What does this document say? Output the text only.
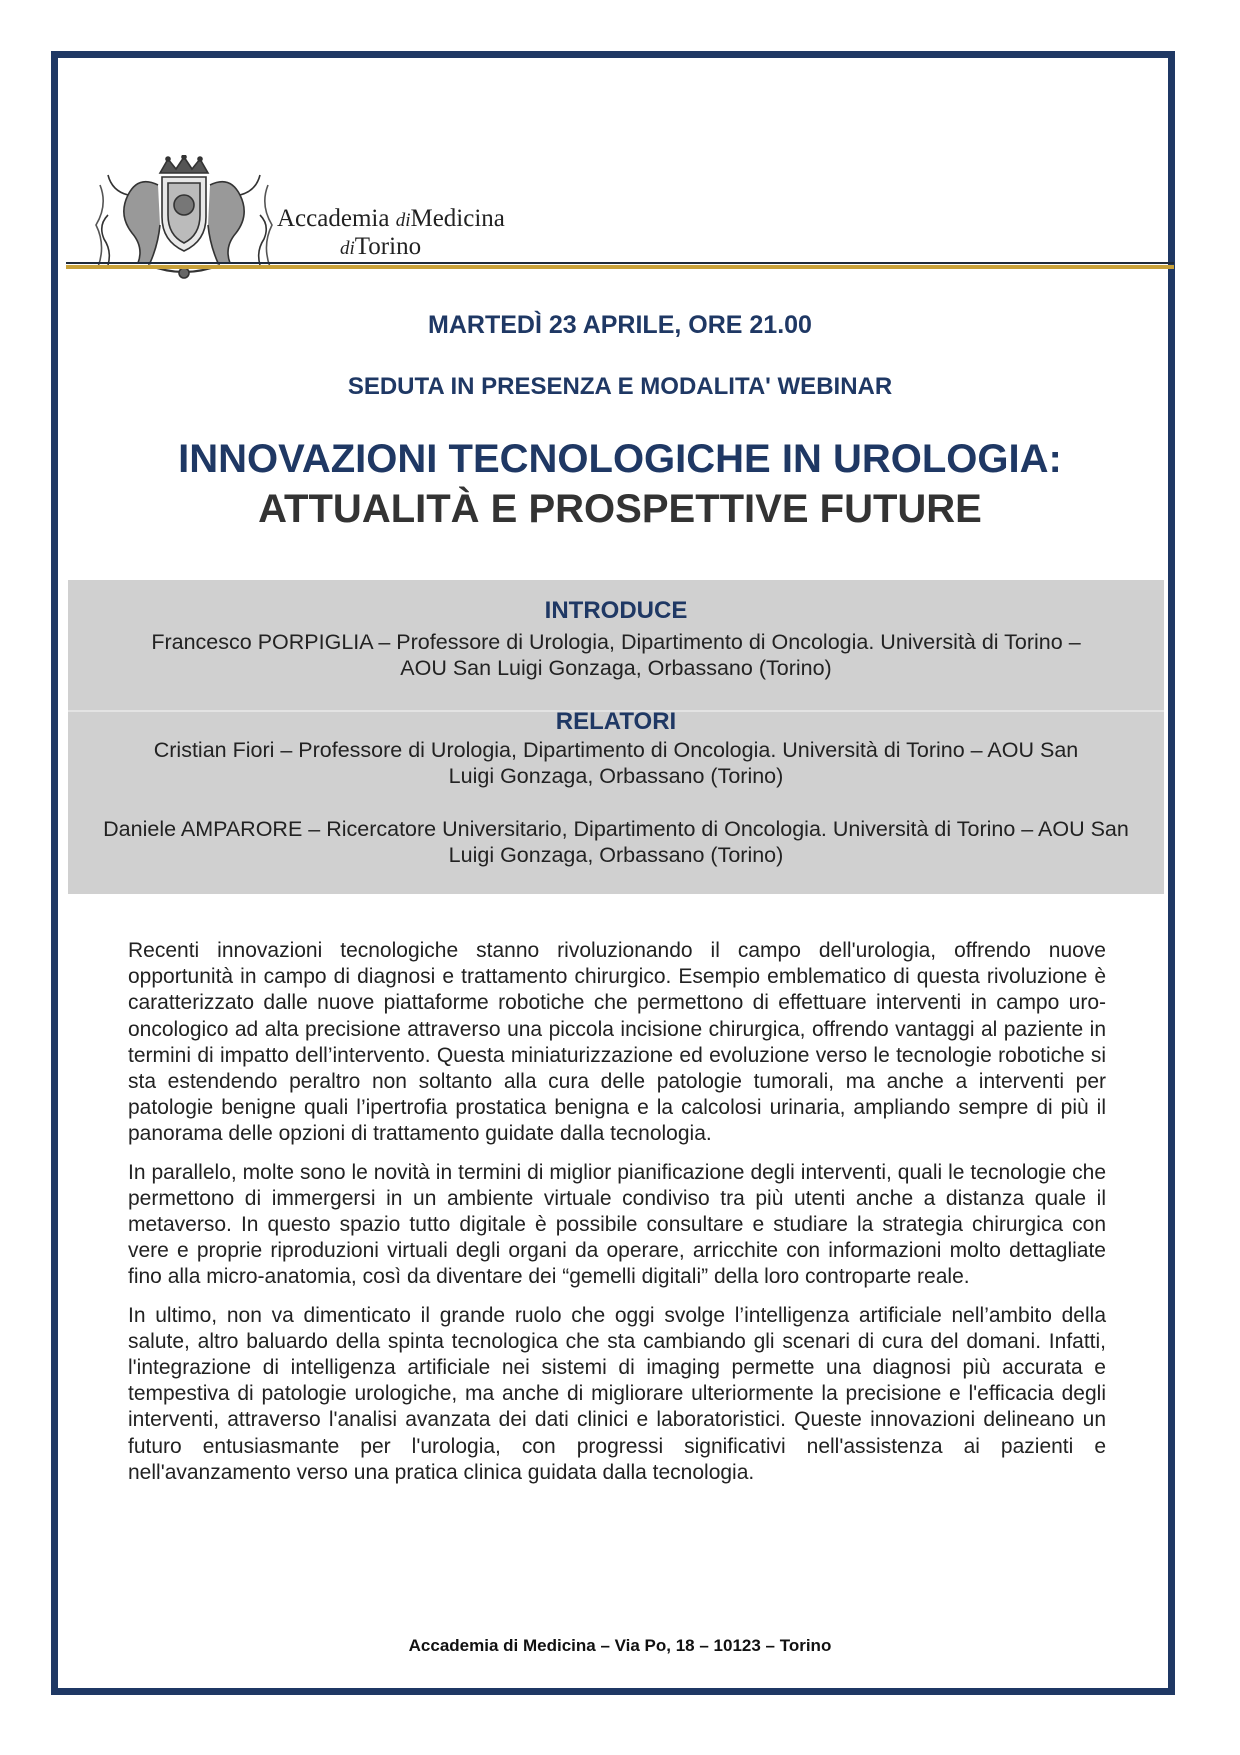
Accademia diMedicina
diTorino
MARTEDÌ 23 APRILE, ORE 21.00
SEDUTA IN PRESENZA E MODALITA' WEBINAR
INNOVAZIONI TECNOLOGICHE IN UROLOGIA:
ATTUALITÀ E PROSPETTIVE FUTURE
INTRODUCE
Francesco PORPIGLIA – Professore di Urologia, Dipartimento di Oncologia. Università di Torino –
AOU San Luigi Gonzaga, Orbassano (Torino)
RELATORI
Cristian Fiori – Professore di Urologia, Dipartimento di Oncologia. Università di Torino – AOU San
Luigi Gonzaga, Orbassano (Torino)
Daniele AMPARORE – Ricercatore Universitario, Dipartimento di Oncologia. Università di Torino – AOU San
Luigi Gonzaga, Orbassano (Torino)

Recenti innovazioni tecnologiche stanno rivoluzionando il campo dell'urologia, offrendo nuove opportunità in campo di diagnosi e trattamento chirurgico. Esempio emblematico di questa rivoluzione è caratterizzato dalle nuove piattaforme robotiche che permettono di effettuare interventi in campo uro-oncologico ad alta precisione attraverso una piccola incisione chirurgica, offrendo vantaggi al paziente in termini di impatto dell’intervento. Questa miniaturizzazione ed evoluzione verso le tecnologie robotiche si sta estendendo peraltro non soltanto alla cura delle patologie tumorali, ma anche a interventi per patologie benigne quali l’ipertrofia prostatica benigna e la calcolosi urinaria, ampliando sempre di più il panorama delle opzioni di trattamento guidate dalla tecnologia.

In parallelo, molte sono le novità in termini di miglior pianificazione degli interventi, quali le tecnologie che permettono di immergersi in un ambiente virtuale condiviso tra più utenti anche a distanza quale il metaverso. In questo spazio tutto digitale è possibile consultare e studiare la strategia chirurgica con vere e proprie riproduzioni virtuali degli organi da operare, arricchite con informazioni molto dettagliate fino alla micro-anatomia, così da diventare dei “gemelli digitali” della loro controparte reale.

In ultimo, non va dimenticato il grande ruolo che oggi svolge l’intelligenza artificiale nell’ambito della salute, altro baluardo della spinta tecnologica che sta cambiando gli scenari di cura del domani. Infatti, l'integrazione di intelligenza artificiale nei sistemi di imaging permette una diagnosi più accurata e tempestiva di patologie urologiche, ma anche di migliorare ulteriormente la precisione e l'efficacia degli interventi, attraverso l'analisi avanzata dei dati clinici e laboratoristici. Queste innovazioni delineano un futuro entusiasmante per l'urologia, con progressi significativi nell'assistenza ai pazienti e nell'avanzamento verso una pratica clinica guidata dalla tecnologia.

Accademia di Medicina – Via Po, 18 – 10123 – Torino
